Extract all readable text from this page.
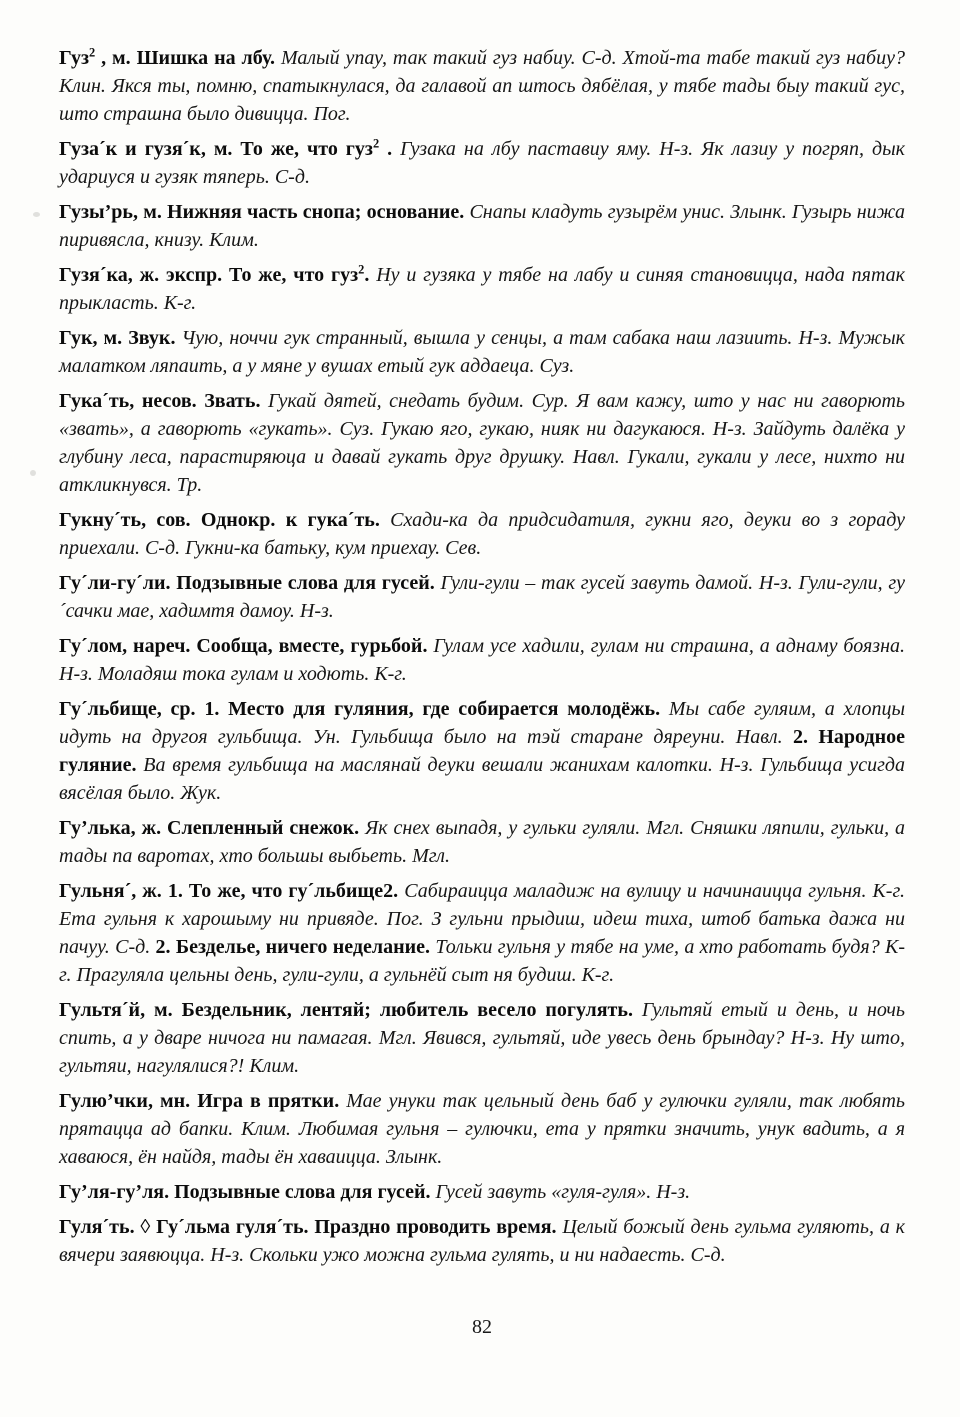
Гуз$^2$ , м. Шишка на лбу. Малый упау, так такий гуз набиу. С-д. Хтой-та табе такий гуз набиу? Клин. Якся ты, помню, спатыкнулася, да галавой ап штось дябёлая, у тябе тады быу такий гус, што страшна было дивицца. Пог.

Гуза´к и гузя´к, м. То же, что гуз$^2$ . Гузака на лбу паставиу яму. Н-з. Як лазиу у погряп, дык удариуся и гузяк тяперь. С-д.

Гузы’рь, м. Нижняя часть снопа; основание. Снапы кладуть гузырём унис. Злынк. Гузырь нижа пиривясла, книзу. Клим.

Гузя´ка, ж. экспр. То же, что гуз$^2$. Ну и гузяка у тябе на лабу и синяя становицца, нада пятак прыкласть. К-г.

Гук, м. Звук. Чую, ноччи гук странный, вышла у сенцы, а там сабака наш лазиить. Н-з. Мужык малатком ляпаить, а у мяне у вушах етый гук аддаеца. Суз.

Гука´ть, несов. Звать. Гукай дятей, снедать будим. Сур. Я вам кажу, што у нас ни гаворють «звать», а гаворють «гукать». Суз. Гукаю яго, гукаю, нияк ни дагукаюся. Н-з. Зайдуть далёка у глубину леса, парастиряюца и давай гукать друг друшку. Навл. Гукали, гукали у лесе, нихто ни аткликнувся. Тр.

Гукну´ть, сов. Однокр. к гука´ть. Схади-ка да придсидатиля, гукни яго, деуки во з гораду приехали. С-д. Гукни-ка батьку, кум приехау. Сев.

Гу´ли-гу´ли. Подзывные слова для гусей. Гули-гули – так гусей завуть дамой. Н-з. Гули-гули, гу´сачки мае, хадимтя дамоу. Н-з.

Гу´лом, нареч. Сообща, вместе, гурьбой. Гулам усе хадили, гулам ни страшна, а аднаму боязна. Н-з. Моладяш тока гулам и ходють. К-г.

Гу´льбище, ср. 1. Место для гуляния, где собирается молодёжь. Мы сабе гуляим, а хлопцы идуть на другоя гульбища. Ун. Гульбища было на тэй старане дяреуни. Навл. 2. Народное гуляние. Ва время гульбища на маслянай деуки вешали жанихам калотки. Н-з. Гульбища усигда вясёлая было. Жук.

Гу’лька, ж. Слепленный снежок. Як снех выпадя, у гульки гуляли. Мгл. Сняшки ляпили, гульки, а тады па варотах, хто большы выбьеть. Мгл.

Гульня´, ж. 1. То же, что гу´льбище2. Сабираицца маладиж на вулицу и начинаицца гульня. К-г. Ета гульня к харошыму ни привяде. Пог. З гульни прыдиш, идеш тиха, штоб батька дажа ни пачуу. С-д. 2. Безделье, ничего неделание. Тольки гульня у тябе на уме, а хто работать будя? К-г. Прагуляла цельны день, гули-гули, а гульнёй сыт ня будиш. К-г.

Гультя´й, м. Бездельник, лентяй; любитель весело погулять. Гультяй етый и день, и ночь спить, а у дваре ничога ни памагая. Мгл. Явився, гультяй, иде увесь день брындау? Н-з. Ну што, гультяи, нагулялися?! Клим.

Гулю’чки, мн. Игра в прятки. Мае унуки так цельный день баб у гулючки гуляли, так любять прятацца ад бапки. Клим. Любимая гульня – гулючки, ета у прятки значить, унук вадить, а я хаваюся, ён найдя, тады ён хаваицца. Злынк.

Гу’ля-гу’ля. Подзывные слова для гусей. Гусей завуть «гуля-гуля». Н-з.

Гуля´ть. ◊ Гу´льма гуля´ть. Праздно проводить время. Целый божый день гульма гуляють, а к вячери заявюцца. Н-з. Скольки ужо можна гульма гулять, и ни надаесть. С-д.

82
